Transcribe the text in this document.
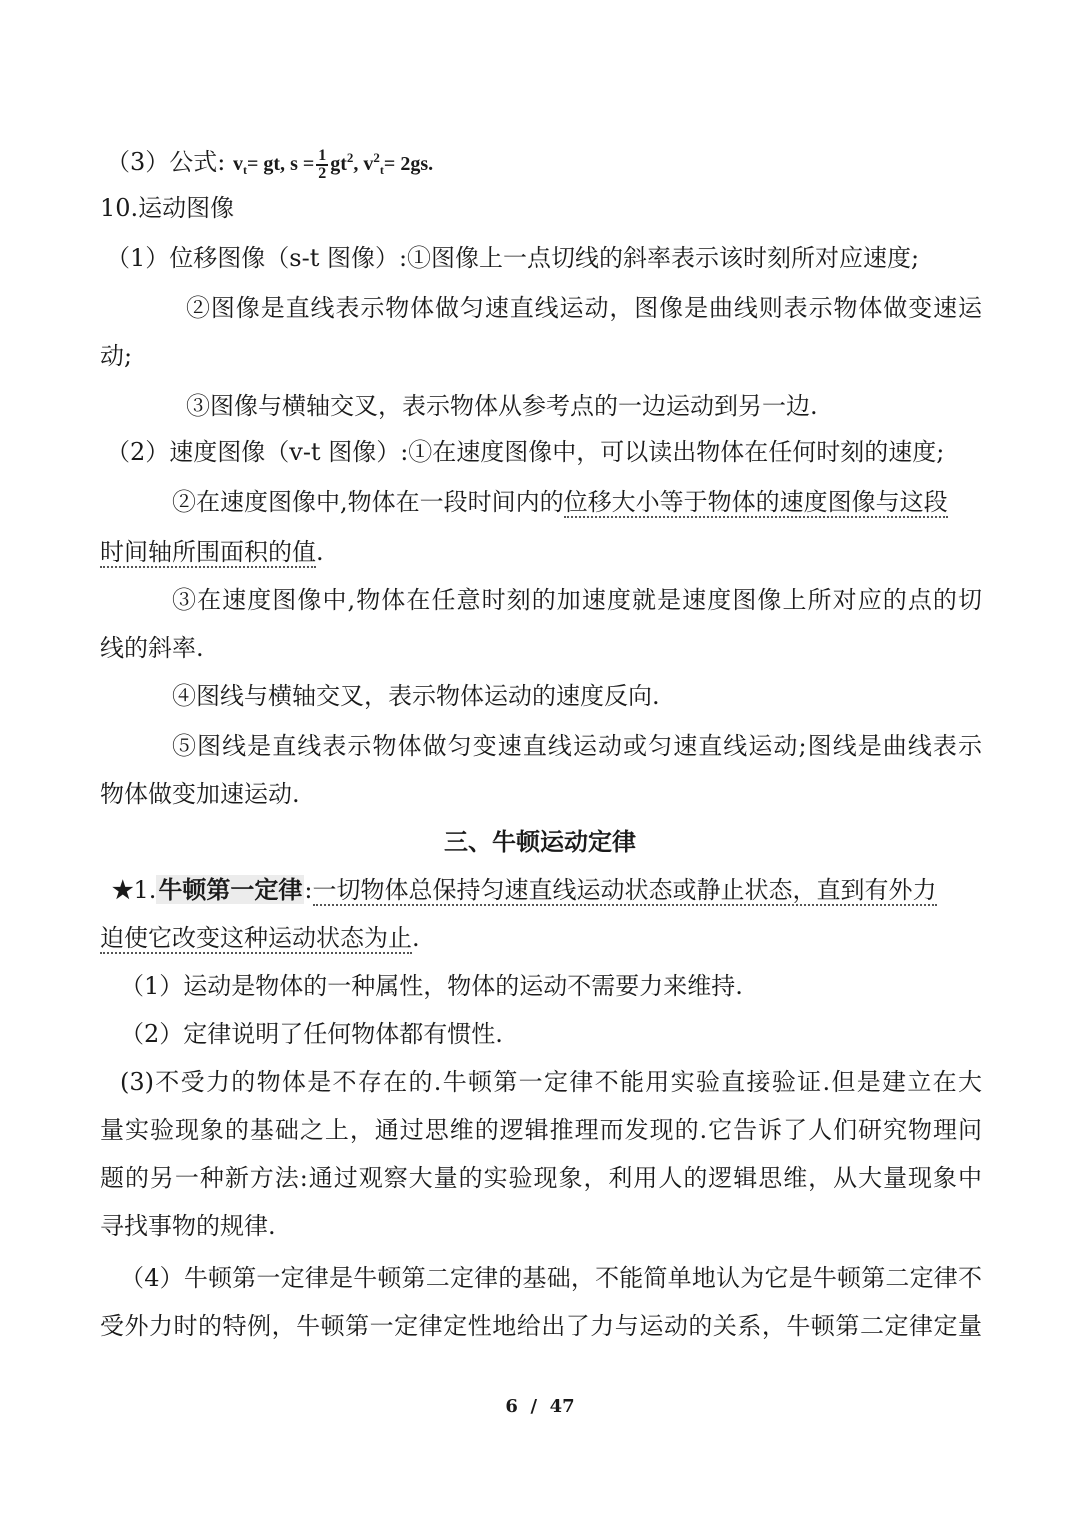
（3）公式: $v_t=$ gt, $s = \frac{1}{2} gt^2$, $v^2_t= 2gs$.
10.运动图像
（1）位移图像（s-t 图像）:①图像上一点切线的斜率表示该时刻所对应速度;
②图像是直线表示物体做匀速直线运动，图像是曲线则表示物体做变速运
动;
③图像与横轴交叉，表示物体从参考点的一边运动到另一边.
（2）速度图像（v-t 图像）:①在速度图像中，可以读出物体在任何时刻的速度;
②在速度图像中,物体在一段时间内的位移大小等于物体的速度图像与这段
时间轴所围面积的值.
③在速度图像中,物体在任意时刻的加速度就是速度图像上所对应的点的切
线的斜率.
④图线与横轴交叉，表示物体运动的速度反向.
⑤图线是直线表示物体做匀变速直线运动或匀速直线运动;图线是曲线表示
物体做变加速运动.
三、牛顿运动定律
★1.牛顿第一定律:一切物体总保持匀速直线运动状态或静止状态，直到有外力
迫使它改变这种运动状态为止.
（1）运动是物体的一种属性，物体的运动不需要力来维持.
（2）定律说明了任何物体都有惯性.
(3)不受力的物体是不存在的.牛顿第一定律不能用实验直接验证.但是建立在大
量实验现象的基础之上，通过思维的逻辑推理而发现的.它告诉了人们研究物理问
题的另一种新方法:通过观察大量的实验现象，利用人的逻辑思维，从大量现象中
寻找事物的规律.
（4）牛顿第一定律是牛顿第二定律的基础，不能简单地认为它是牛顿第二定律不
受外力时的特例，牛顿第一定律定性地给出了力与运动的关系，牛顿第二定律定量
6 / 47
